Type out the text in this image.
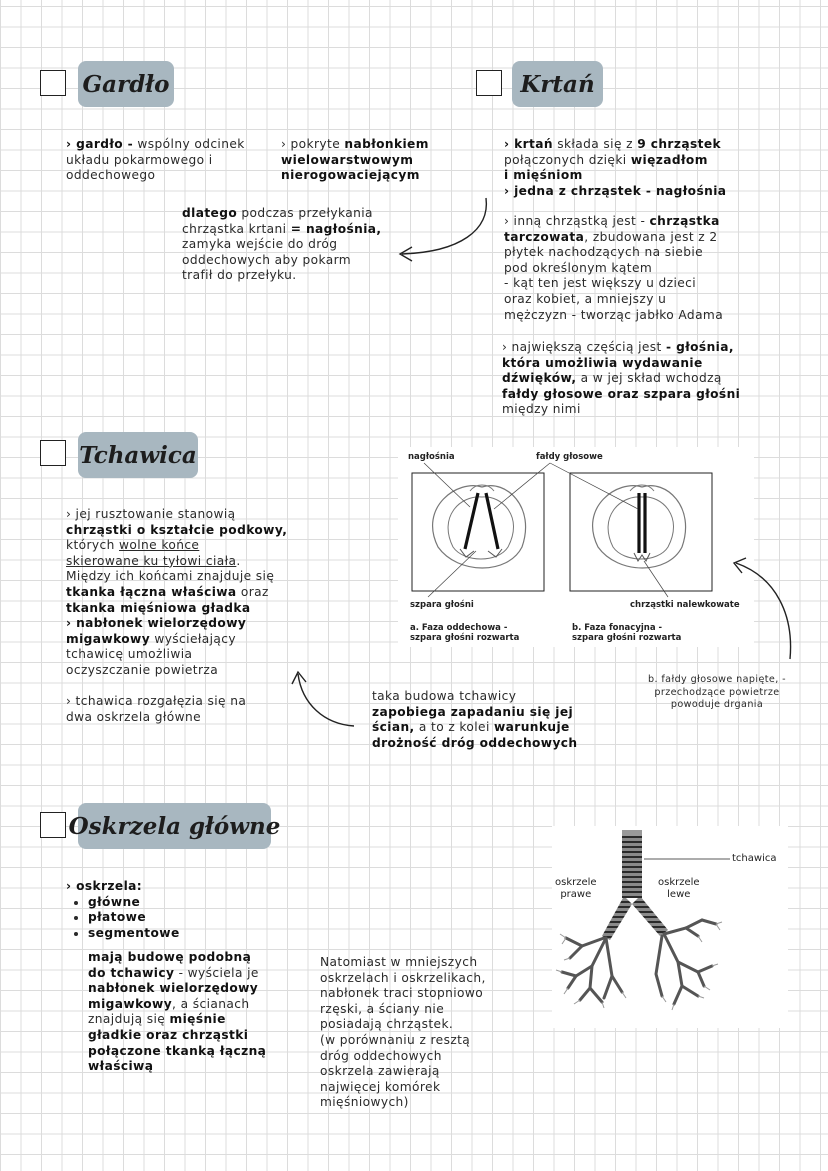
Gardło
› gardło - wspólny odcinek
układu pokarmowego i
oddechowego
› pokryte nabłonkiem
wielowarstwowym
nierogowaciejącym
dlatego podczas przełykania
chrząstka krtani = nagłośnia,
zamyka wejście do dróg
oddechowych aby pokarm
trafił do przełyku.
Krtań
› krtań składa się z 9 chrząstek
połączonych dzięki więzadłom
i mięśniom
› jedna z chrząstek - nagłośnia
› inną chrząstką jest - chrząstka
tarczowata, zbudowana jest z 2
płytek nachodzących na siebie
pod określonym kątem
- kąt ten jest większy u dzieci
oraz kobiet, a mniejszy u
mężczyzn - tworząc jabłko Adama
› największą częścią jest - głośnia,
która umożliwia wydawanie
dźwięków, a w jej skład wchodzą
fałdy głosowe oraz szpara głośni
między nimi
nagłośnia	fałdy głosowe
szpara głośni	chrząstki nalewkowate
a. Faza oddechowa -
szpara głośni rozwarta
b. Faza fonacyjna -
szpara głośni rozwarta
Tchawica
› jej rusztowanie stanowią
chrząstki o kształcie podkowy,
których wolne końce
skierowane ku tyłowi ciała.
Między ich końcami znajduje się
tkanka łączna właściwa oraz
tkanka mięśniowa gładka
› nabłonek wielorzędowy
migawkowy wyściełający
tchawicę umożliwia
oczyszczanie powietrza
› tchawica rozgałęzia się na
dwa oskrzela główne
taka budowa tchawicy
zapobiega zapadaniu się jej
ścian, a to z kolei warunkuje
drożność dróg oddechowych
b. fałdy głosowe napięte, -
przechodzące powietrze
powoduje drgania
Oskrzela główne
› oskrzela:
• główne
• płatowe
• segmentowe
mają budowę podobną
do tchawicy - wyściela je
nabłonek wielorzędowy
migawkowy, a ścianach
znajdują się mięśnie
gładkie oraz chrząstki
połączone tkanką łączną
właściwą
Natomiast w mniejszych
oskrzelach i oskrzelikach,
nabłonek traci stopniowo
rzęski, a ściany nie
posiadają chrząstek.
(w porównaniu z resztą
dróg oddechowych
oskrzela zawierają
najwięcej komórek
mięśniowych)
tchawica
oskrzele
prawe
oskrzele
lewe
